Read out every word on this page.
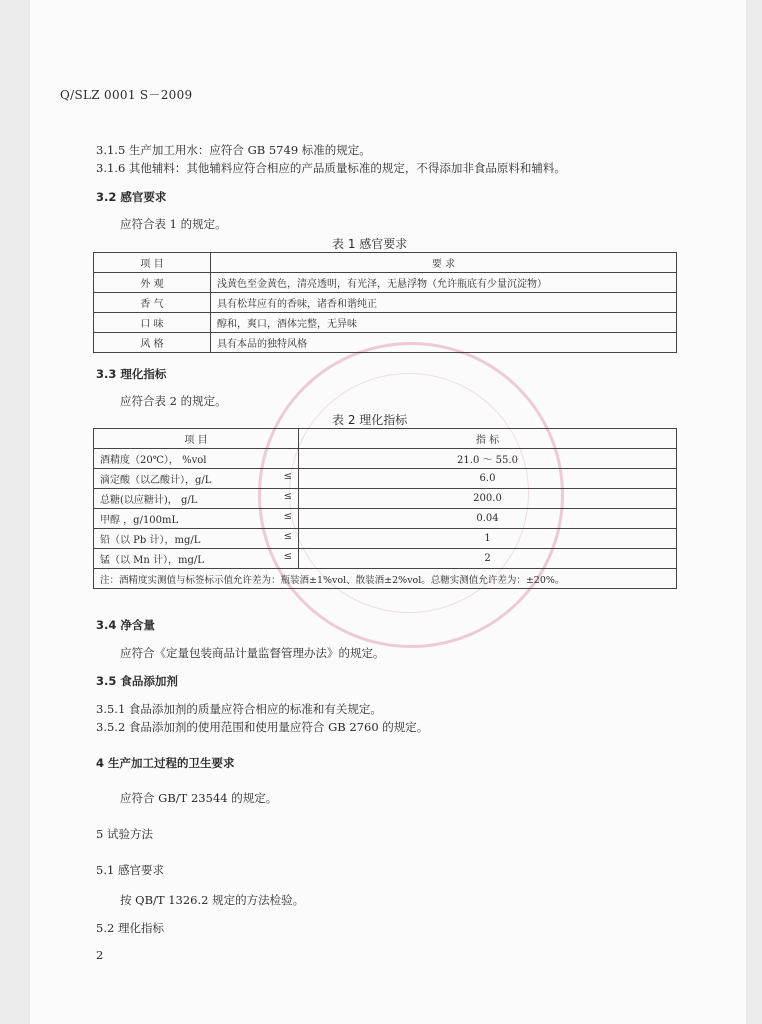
Q/SLZ 0001 S－2009
3.1.5 生产加工用水：应符合 GB 5749 标准的规定。
3.1.6 其他辅料：其他辅料应符合相应的产品质量标准的规定，不得添加非食品原料和辅料。
3.2 感官要求
应符合表 1 的规定。
表 1 感官要求
项 目	要 求
外 观	浅黄色至金黄色，清亮透明，有光泽，无悬浮物（允许瓶底有少量沉淀物）
香 气	具有松茸应有的香味，诸香和谐纯正
口 味	醇和，爽口，酒体完整，无异味
风 格	具有本品的独特风格
3.3 理化指标
应符合表 2 的规定。
表 2 理化指标
项 目	指 标

酒精度（20℃）， %vol	21.0 ～ 55.0

滴定酸（以乙酸计），g/L ≤	6.0

总糖(以应糖计)， g/L ≤	200.0

甲醇 ，g/100mL ≤	0.04

铅（以 Pb 计），mg/L ≤	1

锰（以 Mn 计），mg/L ≤	2
注：酒精度实测值与标签标示值允许差为：瓶装酒±1%vol、散装酒±2%vol。总糖实测值允许差为：±20%。	
3.4 净含量
应符合《定量包装商品计量监督管理办法》的规定。
3.5 食品添加剂
3.5.1 食品添加剂的质量应符合相应的标准和有关规定。
3.5.2 食品添加剂的使用范围和使用量应符合 GB 2760 的规定。
4 生产加工过程的卫生要求
应符合 GB/T 23544 的规定。
5 试验方法
5.1 感官要求
按 QB/T 1326.2 规定的方法检验。
5.2 理化指标
2
